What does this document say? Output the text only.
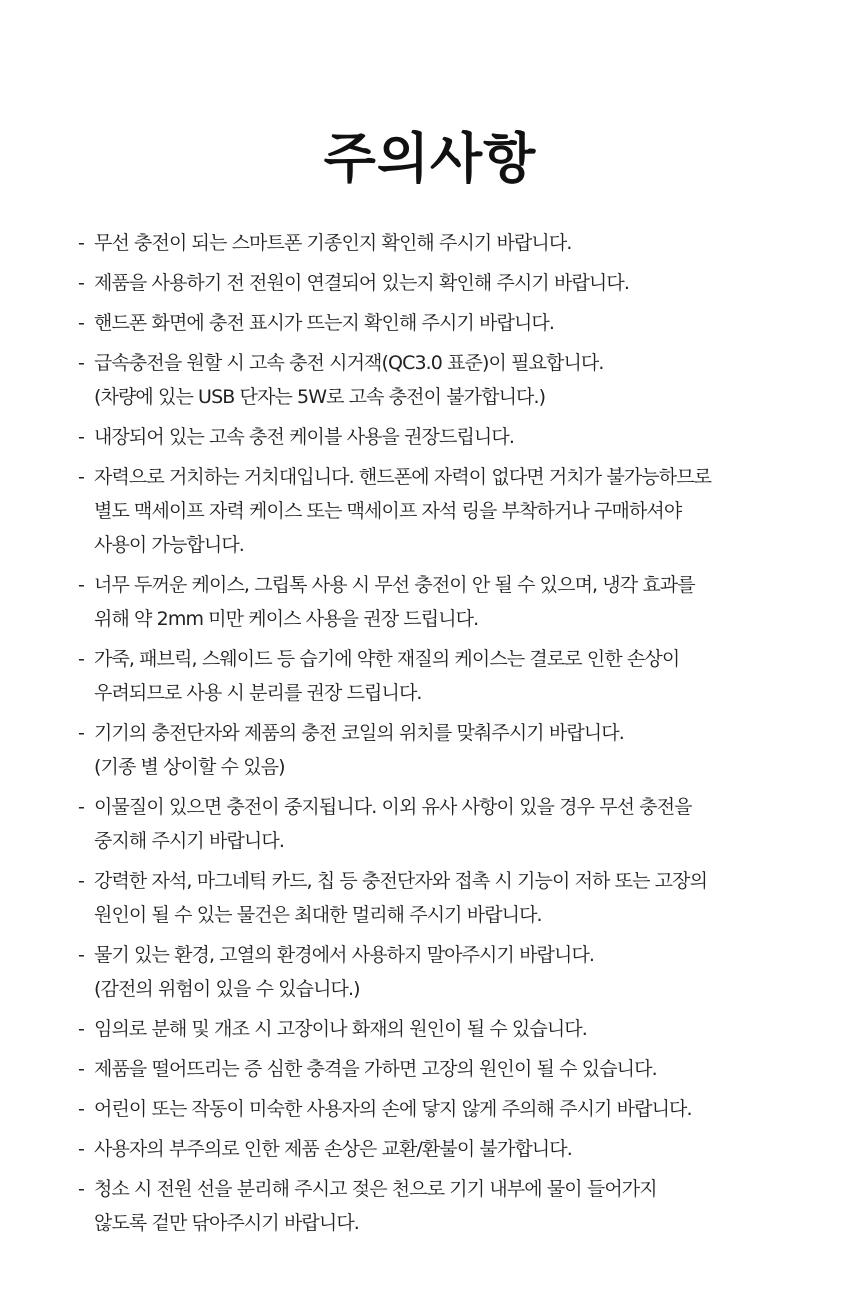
주의사항
- 무선 충전이 되는 스마트폰 기종인지 확인해 주시기 바랍니다.
- 제품을 사용하기 전 전원이 연결되어 있는지 확인해 주시기 바랍니다.
- 핸드폰 화면에 충전 표시가 뜨는지 확인해 주시기 바랍니다.
- 급속충전을 원할 시 고속 충전 시거잭(QC3.0 표준)이 필요합니다.
(차량에 있는 USB 단자는 5W로 고속 충전이 불가합니다.)
- 내장되어 있는 고속 충전 케이블 사용을 권장드립니다.
- 자력으로 거치하는 거치대입니다. 핸드폰에 자력이 없다면 거치가 불가능하므로
별도 맥세이프 자력 케이스 또는 맥세이프 자석 링을 부착하거나 구매하셔야
사용이 가능합니다.
- 너무 두꺼운 케이스, 그립톡 사용 시 무선 충전이 안 될 수 있으며, 냉각 효과를
위해 약 2mm 미만 케이스 사용을 권장 드립니다.
- 가죽, 패브릭, 스웨이드 등 습기에 약한 재질의 케이스는 결로로 인한 손상이
우려되므로 사용 시 분리를 권장 드립니다.
- 기기의 충전단자와 제품의 충전 코일의 위치를 맞춰주시기 바랍니다.
(기종 별 상이할 수 있음)
- 이물질이 있으면 충전이 중지됩니다. 이외 유사 사항이 있을 경우 무선 충전을
중지해 주시기 바랍니다.
- 강력한 자석, 마그네틱 카드, 칩 등 충전단자와 접촉 시 기능이 저하 또는 고장의
원인이 될 수 있는 물건은 최대한 멀리해 주시기 바랍니다.
- 물기 있는 환경, 고열의 환경에서 사용하지 말아주시기 바랍니다.
(감전의 위험이 있을 수 있습니다.)
- 임의로 분해 및 개조 시 고장이나 화재의 원인이 될 수 있습니다.
- 제품을 떨어뜨리는 증 심한 충격을 가하면 고장의 원인이 될 수 있습니다.
- 어린이 또는 작동이 미숙한 사용자의 손에 닿지 않게 주의해 주시기 바랍니다.
- 사용자의 부주의로 인한 제품 손상은 교환/환불이 불가합니다.
- 청소 시 전원 선을 분리해 주시고 젖은 천으로 기기 내부에 물이 들어가지
않도록 겉만 닦아주시기 바랍니다.
